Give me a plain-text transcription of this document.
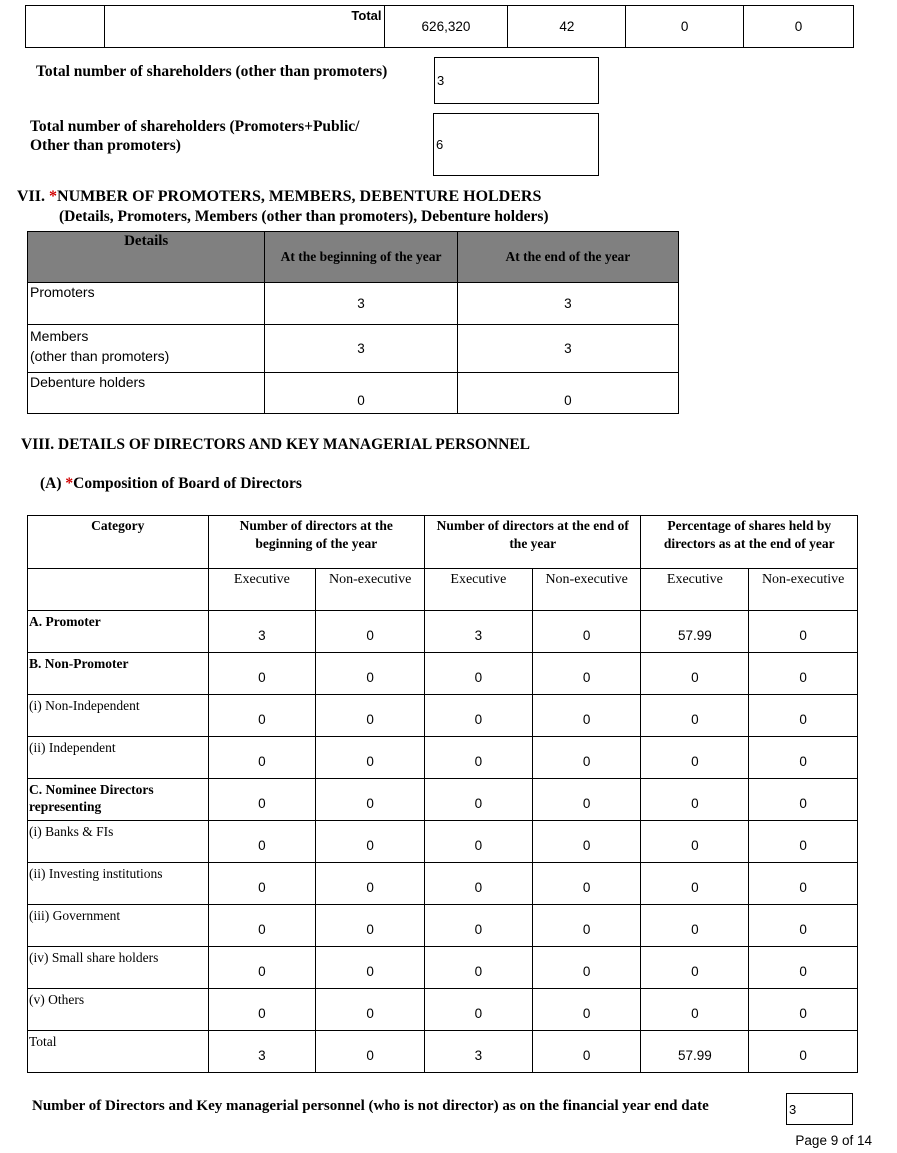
	Total	626,320	42	0	0
Total number of shareholders (other than promoters)
3
Total number of shareholders (Promoters+Public/
Other than promoters)	6
VII. *NUMBER OF PROMOTERS, MEMBERS, DEBENTURE HOLDERS
(Details, Promoters, Members (other than promoters), Debenture holders)
Details	At the beginning of the year	At the end of the year
Promoters	3	3

Members
(other than promoters)	3	3
Debenture holders	0	0
VIII. DETAILS OF DIRECTORS AND KEY MANAGERIAL PERSONNEL
(A) *Composition of Board of Directors
Category	Number of directors at the beginning of the year		Number of directors at the end of the year		Percentage of shares held by directors as at the end of year	
	Executive	Non-executive	Executive	Non-executive	Executive	Non-executive
A. Promoter	3	0	3	0	57.99	0
B. Non-Promoter	0	0	0	0	0	0
(i) Non-Independent	0	0	0	0	0	0
(ii) Independent	0	0	0	0	0	0
C. Nominee Directors representing	0	0	0	0	0	0
(i) Banks & FIs	0	0	0	0	0	0
(ii) Investing institutions	0	0	0	0	0	0
(iii) Government	0	0	0	0	0	0
(iv) Small share holders	0	0	0	0	0	0
(v) Others	0	0	0	0	0	0
Total	3	0	3	0	57.99	0
Number of Directors and Key managerial personnel (who is not director) as on the financial year end date	3
Page 9 of 14
